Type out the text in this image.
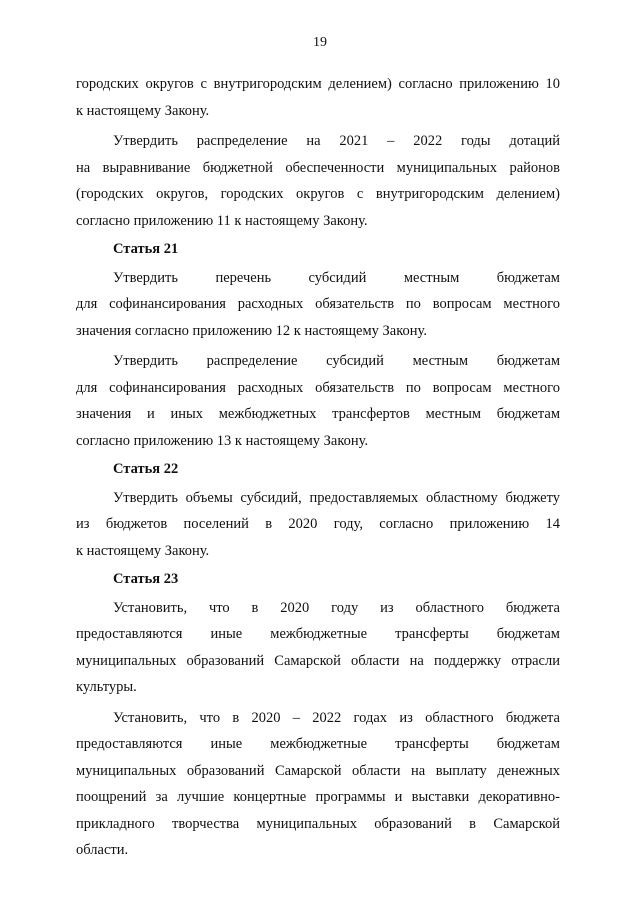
19
городских округов с внутригородским делением) согласно приложению 10
к настоящему Закону.
Утвердить распределение на 2021 – 2022 годы дотаций
на выравнивание бюджетной обеспеченности муниципальных районов
(городских округов, городских округов с внутригородским делением)
согласно приложению 11 к настоящему Закону.
Статья 21
Утвердить перечень субсидий местным бюджетам
для софинансирования расходных обязательств по вопросам местного
значения согласно приложению 12 к настоящему Закону.
Утвердить распределение субсидий местным бюджетам
для софинансирования расходных обязательств по вопросам местного
значения и иных межбюджетных трансфертов местным бюджетам
согласно приложению 13 к настоящему Закону.
Статья 22
Утвердить объемы субсидий, предоставляемых областному бюджету
из бюджетов поселений в 2020 году, согласно приложению 14
к настоящему Закону.
Статья 23
Установить, что в 2020 году из областного бюджета
предоставляются иные межбюджетные трансферты бюджетам
муниципальных образований Самарской области на поддержку отрасли
культуры.
Установить, что в 2020 – 2022 годах из областного бюджета
предоставляются иные межбюджетные трансферты бюджетам
муниципальных образований Самарской области на выплату денежных
поощрений за лучшие концертные программы и выставки декоративно-
прикладного творчества муниципальных образований в Самарской
области.
